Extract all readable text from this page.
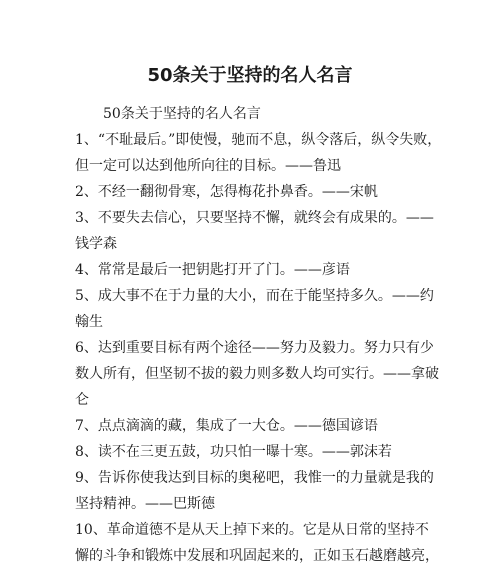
50条关于坚持的名人名言

50条关于坚持的名人名言

1、“不耻最后。”即使慢，驰而不息，纵令落后，纵令失败，

但一定可以达到他所向往的目标。——鲁迅

2、不经一翻彻骨寒，怎得梅花扑鼻香。——宋帆

3、不要失去信心，只要坚持不懈，就终会有成果的。——

钱学森

4、常常是最后一把钥匙打开了门。——彦语

5、成大事不在于力量的大小，而在于能坚持多久。——约

翰生

6、达到重要目标有两个途径——努力及毅力。努力只有少

数人所有，但坚韧不拔的毅力则多数人均可实行。——拿破

仑

7、点点滴滴的藏，集成了一大仓。——德国谚语

8、读不在三更五鼓，功只怕一曝十寒。——郭沫若

9、告诉你使我达到目标的奥秘吧，我惟一的力量就是我的

坚持精神。——巴斯德

10、革命道德不是从天上掉下来的。它是从日常的坚持不

懈的斗争和锻炼中发展和巩固起来的，正如玉石越磨越亮，
